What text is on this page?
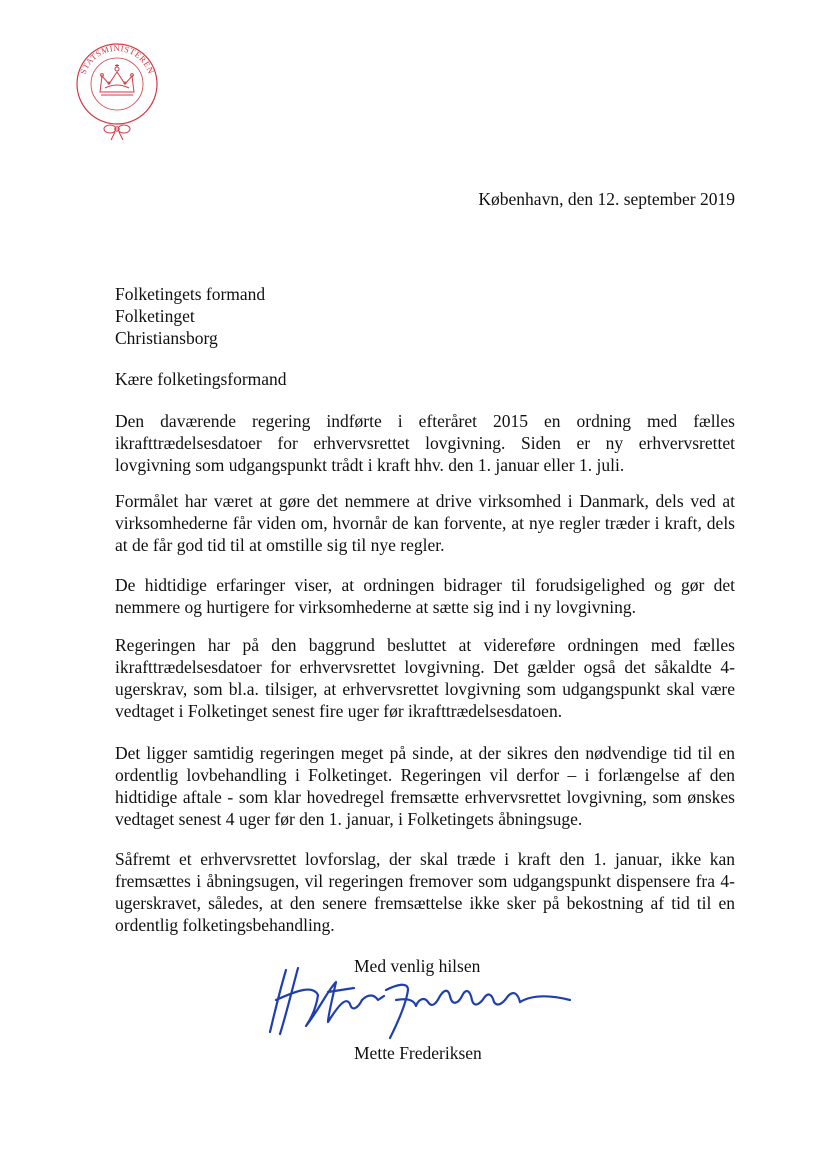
STATSMINISTEREN
København, den 12. september 2019
Folketingets formand
Folketinget
Christiansborg
Kære folketingsformand

Den daværende regering indførte i efteråret 2015 en ordning med fælles ikrafttrædelsesdatoer for erhvervsrettet lovgivning. Siden er ny erhvervsrettet lovgivning som udgangspunkt trådt i kraft hhv. den 1. januar eller 1. juli.

Formålet har været at gøre det nemmere at drive virksomhed i Danmark, dels ved at virksomhederne får viden om, hvornår de kan forvente, at nye regler træder i kraft, dels at de får god tid til at omstille sig til nye regler.

De hidtidige erfaringer viser, at ordningen bidrager til forudsigelighed og gør det nemmere og hurtigere for virksomhederne at sætte sig ind i ny lovgivning.

Regeringen har på den baggrund besluttet at videreføre ordningen med fælles ikrafttrædelsesdatoer for erhvervsrettet lovgivning. Det gælder også det såkaldte 4-ugerskrav, som bl.a. tilsiger, at erhvervsrettet lovgivning som udgangspunkt skal være vedtaget i Folketinget senest fire uger før ikrafttrædelsesdatoen.

Det ligger samtidig regeringen meget på sinde, at der sikres den nødvendige tid til en ordentlig lovbehandling i Folketinget. Regeringen vil derfor – i forlængelse af den hidtidige aftale - som klar hovedregel fremsætte erhvervsrettet lovgivning, som ønskes vedtaget senest 4 uger før den 1. januar, i Folketingets åbningsuge.

Såfremt et erhvervsrettet lovforslag, der skal træde i kraft den 1. januar, ikke kan fremsættes i åbningsugen, vil regeringen fremover som udgangspunkt dispensere fra 4-ugerskravet, således, at den senere fremsættelse ikke sker på bekostning af tid til en ordentlig folketingsbehandling.

Med venlig hilsen
Mette Frederiksen
